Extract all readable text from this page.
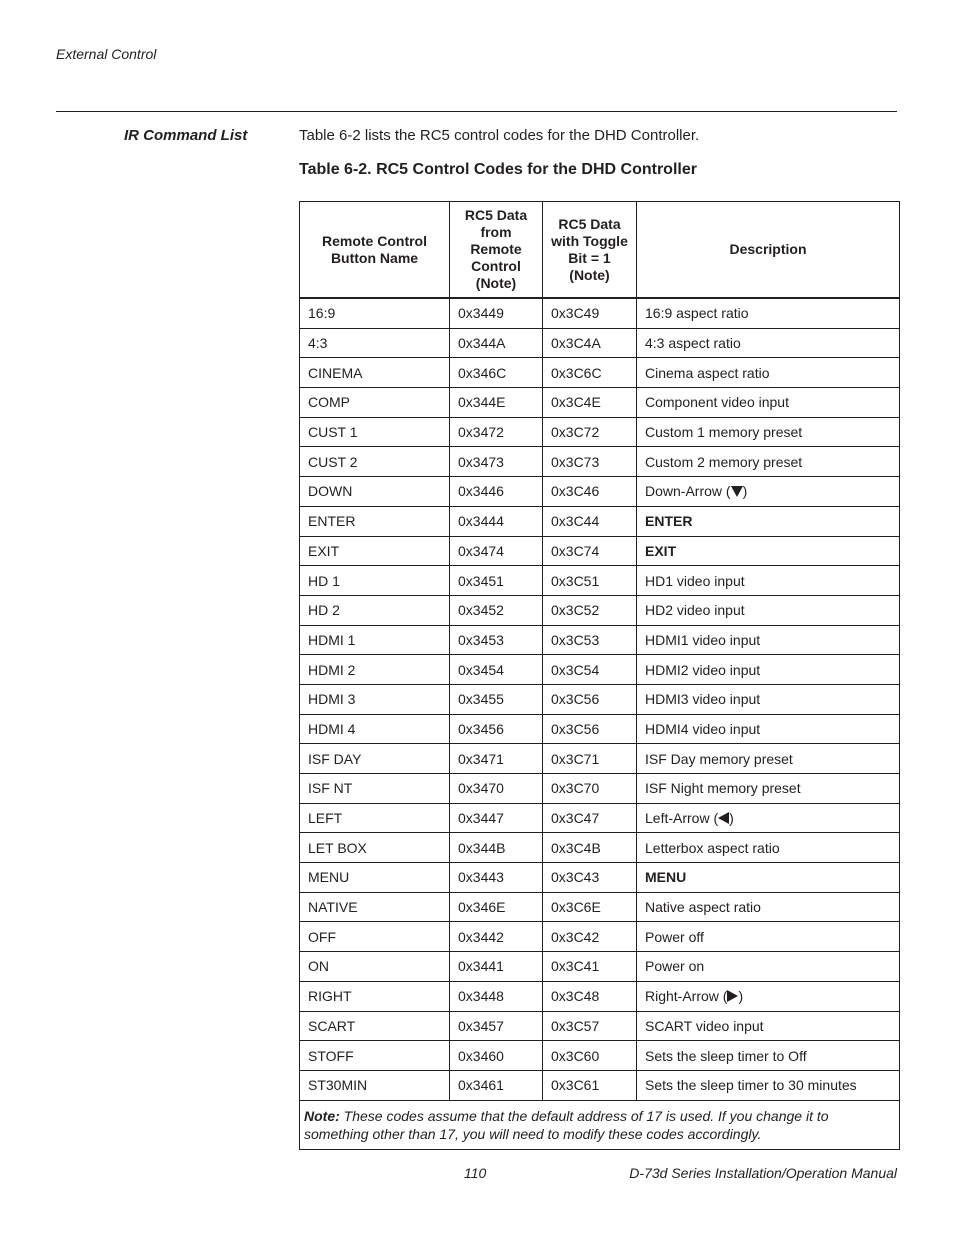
External Control
IR Command List	Table 6-2 lists the RC5 control codes for the DHD Controller.
Table 6-2. RC5 Control Codes for the DHD Controller
Remote Control Button Name	RC5 Data from Remote Control (Note)	RC5 Data with Toggle Bit = 1 (Note)	Description
16:9	0x3449	0x3C49	16:9 aspect ratio
4:3	0x344A	0x3C4A	4:3 aspect ratio
CINEMA	0x346C	0x3C6C	Cinema aspect ratio
COMP	0x344E	0x3C4E	Component video input
CUST 1	0x3472	0x3C72	Custom 1 memory preset
CUST 2	0x3473	0x3C73	Custom 2 memory preset
DOWN	0x3446	0x3C46	Down-Arrow ( )
ENTER	0x3444	0x3C44	ENTER
EXIT	0x3474	0x3C74	EXIT
HD 1	0x3451	0x3C51	HD1 video input
HD 2	0x3452	0x3C52	HD2 video input
HDMI 1	0x3453	0x3C53	HDMI1 video input
HDMI 2	0x3454	0x3C54	HDMI2 video input
HDMI 3	0x3455	0x3C56	HDMI3 video input
HDMI 4	0x3456	0x3C56	HDMI4 video input
ISF DAY	0x3471	0x3C71	ISF Day memory preset
ISF NT	0x3470	0x3C70	ISF Night memory preset
LEFT	0x3447	0x3C47	Left-Arrow ( )
LET BOX	0x344B	0x3C4B	Letterbox aspect ratio
MENU	0x3443	0x3C43	MENU
NATIVE	0x346E	0x3C6E	Native aspect ratio
OFF	0x3442	0x3C42	Power off
ON	0x3441	0x3C41	Power on
RIGHT	0x3448	0x3C48	Right-Arrow ( )
SCART	0x3457	0x3C57	SCART video input
STOFF	0x3460	0x3C60	Sets the sleep timer to Off
ST30MIN	0x3461	0x3C61	Sets the sleep timer to 30 minutes
Note: These codes assume that the default address of 17 is used. If you change it to something other than 17, you will need to modify these codes accordingly.			
110	D-73d Series Installation/Operation Manual
